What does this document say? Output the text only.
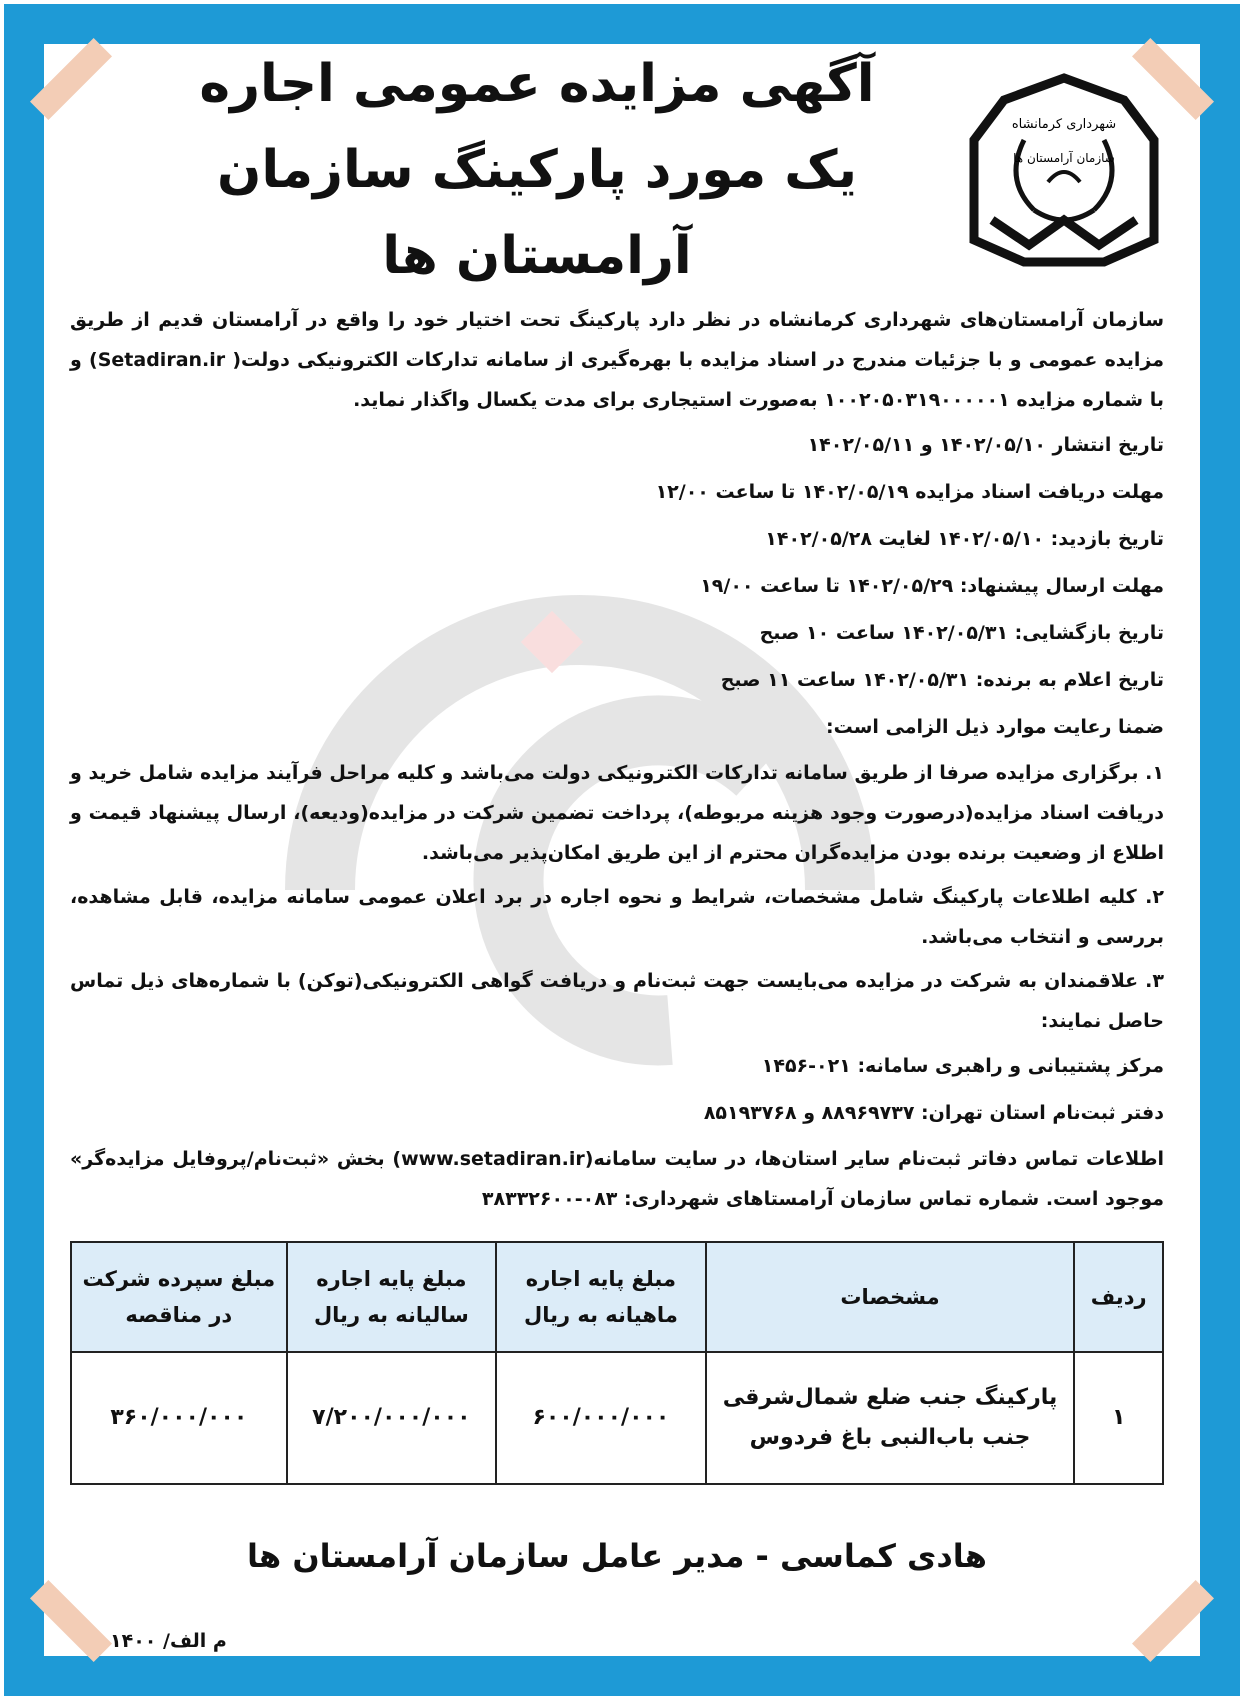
شهرداری کرمانشاه
سازمان آرامستان ها
آگهی مزایده عمومی اجاره
یک مورد پارکینگ سازمان آرامستان ها

سازمان آرامستان‌های شهرداری کرمانشاه در نظر دارد پارکینگ تحت اختیار خود را واقع در آرامستان قدیم از طریق مزایده عمومی و با جزئیات مندرج در اسناد مزایده با بهره‌گیری از سامانه تدارکات الکترونیکی دولت( Setadiran.ir) و با شماره مزایده ۱۰۰۲۰۵۰۳۱۹۰۰۰۰۰۱ به‌صورت استیجاری برای مدت یکسال واگذار نماید.

تاریخ انتشار ۱۴۰۲/۰۵/۱۰ و ۱۴۰۲/۰۵/۱۱

مهلت دریافت اسناد مزایده ۱۴۰۲/۰۵/۱۹ تا ساعت ۱۲/۰۰

تاریخ بازدید: ۱۴۰۲/۰۵/۱۰ لغایت ۱۴۰۲/۰۵/۲۸

مهلت ارسال پیشنهاد: ۱۴۰۲/۰۵/۲۹ تا ساعت ۱۹/۰۰

تاریخ بازگشایی: ۱۴۰۲/۰۵/۳۱ ساعت ۱۰ صبح

تاریخ اعلام به برنده: ۱۴۰۲/۰۵/۳۱ ساعت ۱۱ صبح

ضمنا رعایت موارد ذیل الزامی است:

۱. برگزاری مزایده صرفا از طریق سامانه تدارکات الکترونیکی دولت می‌باشد و کلیه مراحل فرآیند مزایده شامل خرید و دریافت اسناد مزایده(درصورت وجود هزینه مربوطه)، پرداخت تضمین شرکت در مزایده(ودیعه)، ارسال پیشنهاد قیمت و اطلاع از وضعیت برنده بودن مزایده‌گران محترم از این طریق امکان‌پذیر می‌باشد.

۲. کلیه اطلاعات پارکینگ شامل مشخصات، شرایط و نحوه اجاره در برد اعلان عمومی سامانه مزایده، قابل مشاهده، بررسی و انتخاب می‌باشد.

۳. علاقمندان به شرکت در مزایده می‌بایست جهت ثبت‌نام و دریافت گواهی الکترونیکی(توکن) با شماره‌های ذیل تماس حاصل نمایند:

مرکز پشتیبانی و راهبری سامانه: ۰۲۱-۱۴۵۶

دفتر ثبت‌نام استان تهران: ۸۸۹۶۹۷۳۷ و ۸۵۱۹۳۷۶۸

اطلاعات تماس دفاتر ثبت‌نام سایر استان‌ها، در سایت سامانه(www.setadiran.ir) بخش «ثبت‌نام/پروفایل مزایده‌گر» موجود است. شماره تماس سازمان آرامستاهای شهرداری: ۰۸۳-۳۸۳۳۲۶۰۰

ردیف	مشخصات	مبلغ پایه اجاره ماهیانه به ریال	مبلغ پایه اجاره سالیانه به ریال	مبلغ سپرده شرکت در مناقصه
۱	پارکینگ جنب ضلع شمال‌شرقی جنب باب‌النبی باغ فردوس	۶۰۰/۰۰۰/۰۰۰	۷/۲۰۰/۰۰۰/۰۰۰	۳۶۰/۰۰۰/۰۰۰
هادی کماسی - مدیر عامل سازمان آرامستان ها
م الف/ ۱۴۰۰
